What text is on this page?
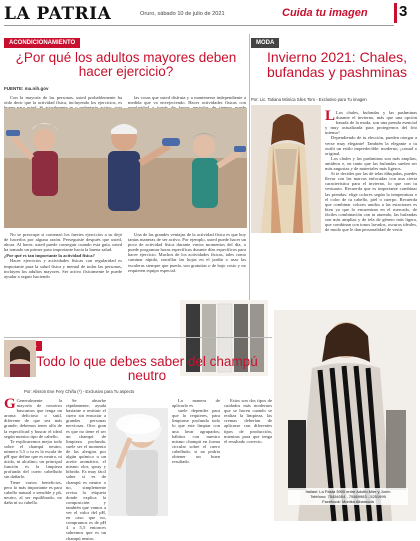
LA PATRIA	Oruro, sábado 10 de julio de 2021	Cuida tu imagen	3
ACONDICIONAMIENTO
¿Por qué los adultos mayores deben hacer ejercicio?
FUENTE: ma.nih.gov

Con la mayoría de las personas, usted probablemente ha oído decir que la actividad física, incluyendo los ejercicios, es

las cosas que usted disfruta y a mantenerse independiente a medida que va envejeciendo. Hacer actividades físicas con

No se preocupe si comenzó los fuertes ejercicios a su dejó de hacerlos por alguna razón. Perseguiste después que usted, ahora. Al hacer, usted puede conseguir cuando esta guía, usted ha tomado un primer paso importante hacia la buena salud.

¿Por qué es tan importante la actividad física?

Hacer ejercicios y actividades físicas con regularidad es importante para la salud física y mental de todas las personas, incluyen los adultos mayores. Ser activo físicamente le puede ayudar a seguir haciendo

Una de las grandes ventajas de la actividad física es que hoy tantas maneras de ser activo. Por ejemplo, usted puede hacer un poco de actividad física durante varios momentos del día, o puede programar horas específicas durante días específicos para hacer ejercicio. Muchos de los actividades físicas, tales como caminar rápido, rastrillar las hojas en el jardín o usar las escaleras siempre que pueda, son gratuitas o de bajo costo y no requieren equipo especial.

MODA
Invierno 2021: Chales, bufandas y pashminas
Por: Lic. Tatiana Mónica Siles Toro - Exclusivo para Tu imagen

L Los chales, bufandas y las pashminas durante el invierno, más que una opción basada de la moda, son una prenda esencial y muy actualizada para protegernos del frío intenso!

Dependiendo de tu elección, pueden otorgar a verse muy elegante! También la elegante o tu outfit un estilo impredecible: moderno, ¡casual o original.

Los chales y las pashminas son más amplias, antideos e, en tanto que las bufandas suelen ser más angostas y de materiales más ligeros.

Si te decides por las de telas dibujadas, puedes llevar con las marcas enfocadas con una cierta característica para el invierno, lo que con tu vestuario. Recuerda que es importante combinar las prendas: elige colores según la temperatura o el color de tu cabello, piel o cuerpo. Recuerda que combinar colores unidos a las estaciones es bien ya que lo encuentran en el mercado, de fáciles combinación con tu atuendo, las bufandas son más amplias y de tela de género más ligera, que combinan con tonos lavados, oscuros ideales, de modo que le dan personalidad de vestir.

Italiani: La Pasta 3900 entre Adolfo Mier y Junín
Teléfono: 75454004 - 75469983 - 5251999
Facebook: Monika Albamoda
Todo lo que debes saber del champú neutro
Por: Alisson Eve Fery Chiña (*) - Exclusivo para Tu aspecto

G Generalmente la mayoría de nosotros buscamos que tenga un aroma delicioso o sutil, diferente de que sea más grande; debemos tener alfa de la especificad y buscar el ideal según nuestro tipo de cabello.

Te explicaremos mejor todo sobre el champú neutro, número 5,5 o tu es la escala de pH que define que es neutro, ni ácido, ni alcalino; un principal función es la limpieza profunda del cuero cabelludo sin dañarlo.

Tiene varios beneficios, pero lo más importante es para cabello natural o sensible y ph, neutro, al ser equilibrado, no daña ni su cabello.

Se absorbe rápidamente, ayuda bastante a restituir el cuero sin ensuciar a grandes personas nerviosas. Otro gran es que no tiene el ser un champú de limpieza profunda, suele ser el momento de las alergias por algún químico u un aceite aromático, el mismo olor, spray y hibrido. Es muy fácil saber si es de champú es neutro o no, simplemente revisa la etiqueta donde explica la composición y también que vamos a ver el valor del pH, en caso que no, compramos es de pH 4 a 5,5 entonces sabremos que es un champú neutro.

La manera de aplicarlo es

suele depender para que lo requieres, para limpiarse profunda todo lo que este limpiar con una lavar agrupados; hábitos con nuestro mismo champú en forma circular sobre el cuero cabelludo, si no podría obtener un buen resultado.

Estos son dos tipos de cuidados más modernos que se hacen cuando se realiza la limpieza, las cremas deberían de aplicarse con diferentes tipos de producción, mientras para que tenga el resultado correcto.
